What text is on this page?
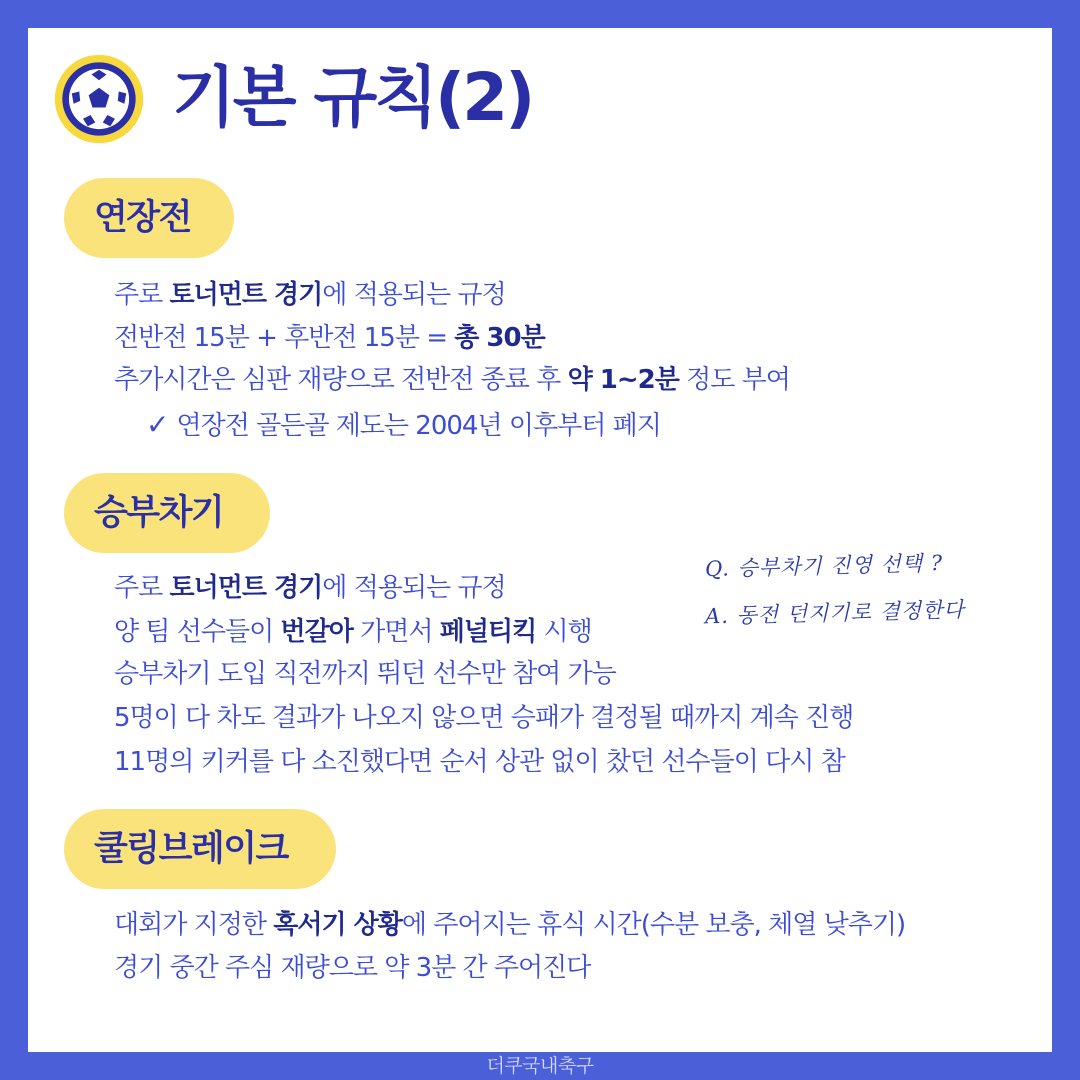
기본 규칙(2)
연장전
주로 토너먼트 경기에 적용되는 규정
전반전 15분 + 후반전 15분 = 총 30분
추가시간은 심판 재량으로 전반전 종료 후 약 1~2분 정도 부여
✓ 연장전 골든골 제도는 2004년 이후부터 폐지
승부차기
주로 토너먼트 경기에 적용되는 규정
양 팀 선수들이 번갈아 가면서 페널티킥 시행
승부차기 도입 직전까지 뛰던 선수만 참여 가능
5명이 다 차도 결과가 나오지 않으면 승패가 결정될 때까지 계속 진행
11명의 키커를 다 소진했다면 순서 상관 없이 찼던 선수들이 다시 참
Q. 승부차기 진영 선택 ?
A. 동전 던지기로 결정한다
쿨링브레이크
대회가 지정한 혹서기 상황에 주어지는 휴식 시간(수분 보충, 체열 낮추기)
경기 중간 주심 재량으로 약 3분 간 주어진다
더쿠국내축구
